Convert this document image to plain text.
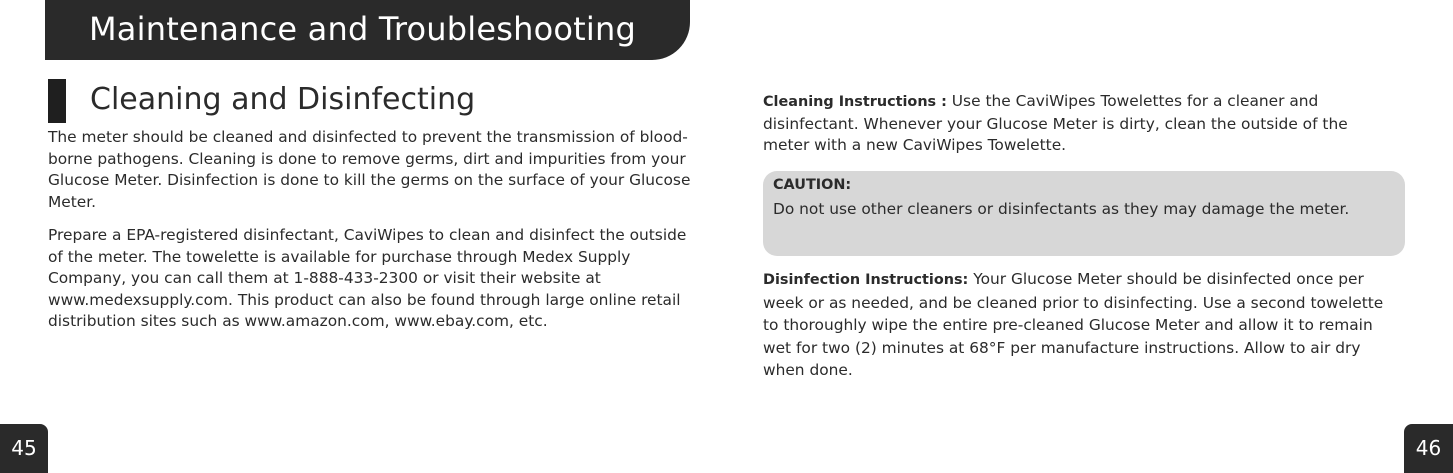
Maintenance and Troubleshooting
Cleaning and Disinfecting

The meter should be cleaned and disinfected to prevent the transmission of blood-borne pathogens. Cleaning is done to remove germs, dirt and impurities from your Glucose Meter. Disinfection is done to kill the germs on the surface of your Glucose Meter.

Prepare a EPA-registered disinfectant, CaviWipes to clean and disinfect the outside of the meter. The towelette is available for purchase through Medex Supply Company, you can call them at 1-888-433-2300 or visit their website at www.medexsupply.com. This product can also be found through large online retail distribution sites such as www.amazon.com, www.ebay.com, etc.

Cleaning Instructions : Use the CaviWipes Towelettes for a cleaner and disinfectant. Whenever your Glucose Meter is dirty, clean the outside of the meter with a new CaviWipes Towelette.

CAUTION:
Do not use other cleaners or disinfectants as they may damage the meter.

Disinfection Instructions: Your Glucose Meter should be disinfected once per week or as needed, and be cleaned prior to disinfecting. Use a second towelette to thoroughly wipe the entire pre-cleaned Glucose Meter and allow it to remain wet for two (2) minutes at 68°F per manufacture instructions. Allow to air dry when done.

45	46
